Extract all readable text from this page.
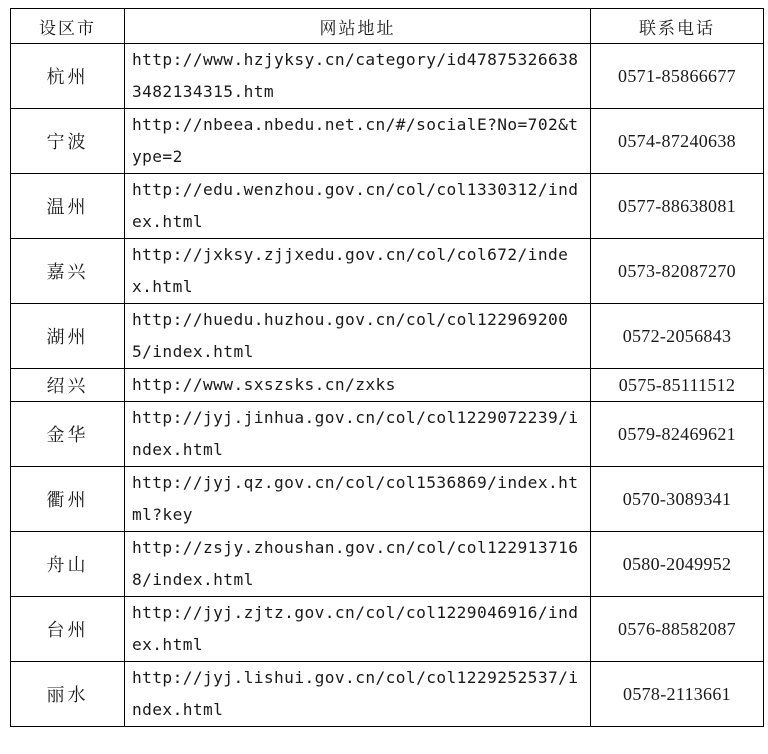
设区市	网站地址	联系电话
杭州	http://www.hzjyksy.cn/category/id478753266383482134315.htm	0571-85866677
宁波	http://nbeea.nbedu.net.cn/#/socialE?No=702&type=2	0574-87240638
温州	http://edu.wenzhou.gov.cn/col/col1330312/index.html	0577-88638081
嘉兴	http://jxksy.zjjxedu.gov.cn/col/col672/index.html	0573-82087270
湖州	http://huedu.huzhou.gov.cn/col/col1229692005/index.html	0572-2056843
绍兴	http://www.sxszsks.cn/zxks	0575-85111512
金华	http://jyj.jinhua.gov.cn/col/col1229072239/index.html	0579-82469621
衢州	http://jyj.qz.gov.cn/col/col1536869/index.html?key	0570-3089341
舟山	http://zsjy.zhoushan.gov.cn/col/col1229137168/index.html	0580-2049952
台州	http://jyj.zjtz.gov.cn/col/col1229046916/index.html	0576-88582087
丽水	http://jyj.lishui.gov.cn/col/col1229252537/index.html	0578-2113661
